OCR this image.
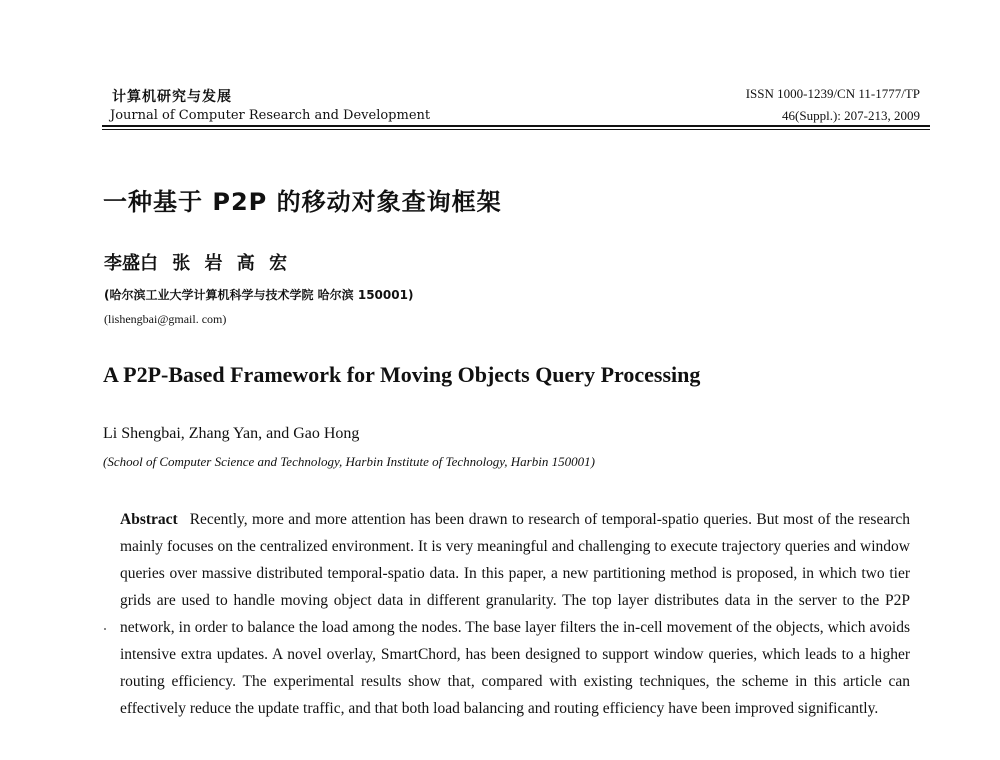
计算机研究与发展
Journal of Computer Research and Development
ISSN 1000-1239/CN 11-1777/TP
46(Suppl.): 207-213, 2009
一种基于 P2P 的移动对象查询框架
李盛白 张 岩 高 宏
(哈尔滨工业大学计算机科学与技术学院 哈尔滨 150001)
(lishengbai@gmail. com)
A P2P-Based Framework for Moving Objects Query Processing
Li Shengbai, Zhang Yan, and Gao Hong
(School of Computer Science and Technology, Harbin Institute of Technology, Harbin 150001)
Abstract Recently, more and more attention has been drawn to research of temporal-spatio queries. But most of the research mainly focuses on the centralized environment. It is very meaningful and challenging to execute trajectory queries and window queries over massive distributed temporal-spatio data. In this paper, a new partitioning method is proposed, in which two tier grids are used to handle moving object data in different granularity. The top layer distributes data in the server to the P2P network, in order to balance the load among the nodes. The base layer filters the in-cell movement of the objects, which avoids intensive extra updates. A novel overlay, SmartChord, has been designed to support window queries, which leads to a higher routing efficiency. The experimental results show that, compared with existing techniques, the scheme in this article can effectively reduce the update traffic, and that both load balancing and routing efficiency have been improved significantly.
